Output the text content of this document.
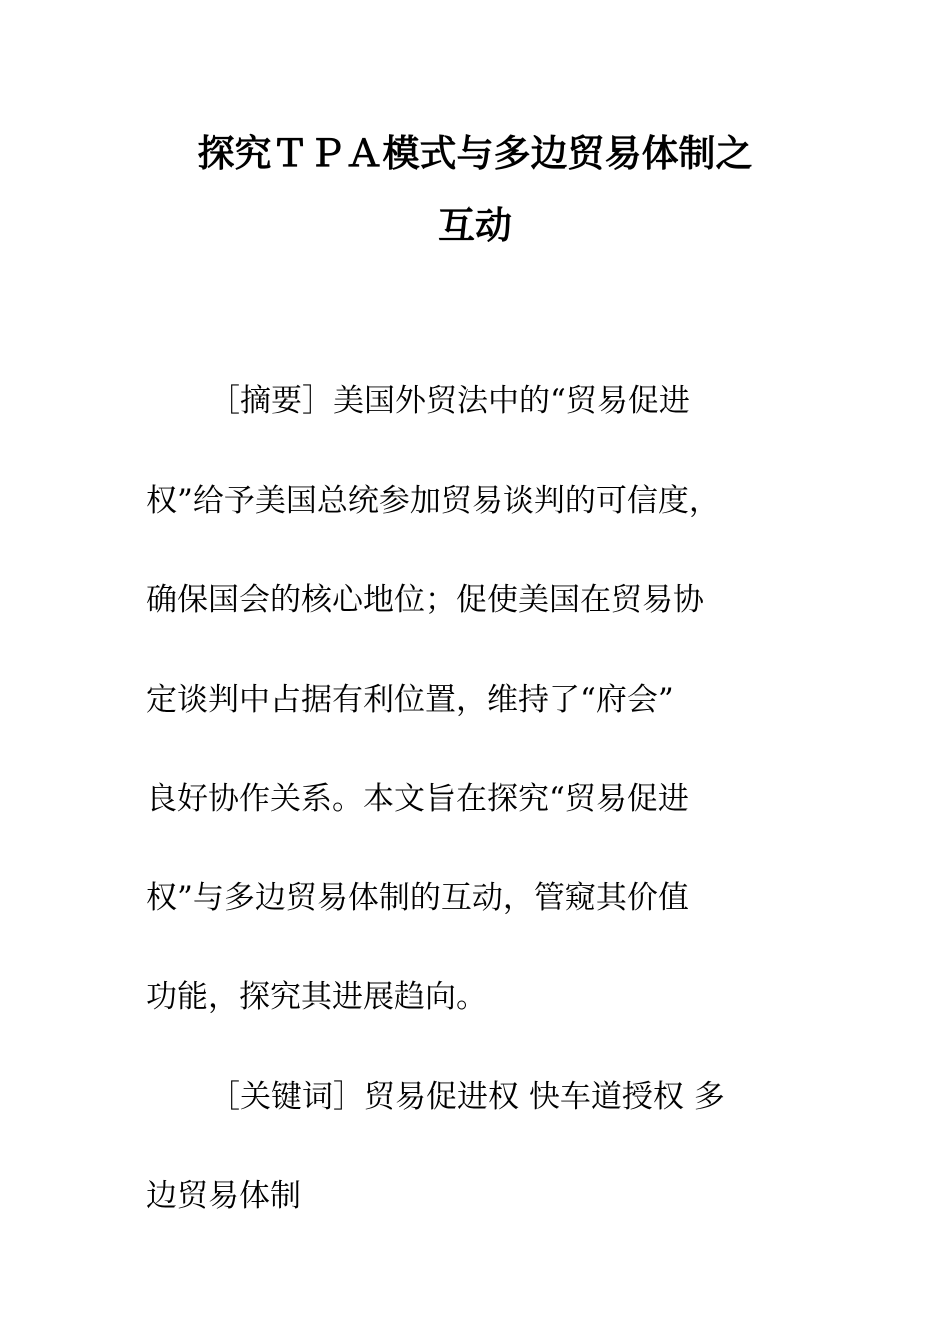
探究ＴＰＡ模式与多边贸易体制之
互动
［摘要］美国外贸法中的“贸易促进
权”给予美国总统参加贸易谈判的可信度，
确保国会的核心地位；促使美国在贸易协
定谈判中占据有利位置，维持了“府会”
良好协作关系。本文旨在探究“贸易促进
权”与多边贸易体制的互动，管窥其价值
功能，探究其进展趋向。
［关键词］贸易促进权 快车道授权 多
边贸易体制
